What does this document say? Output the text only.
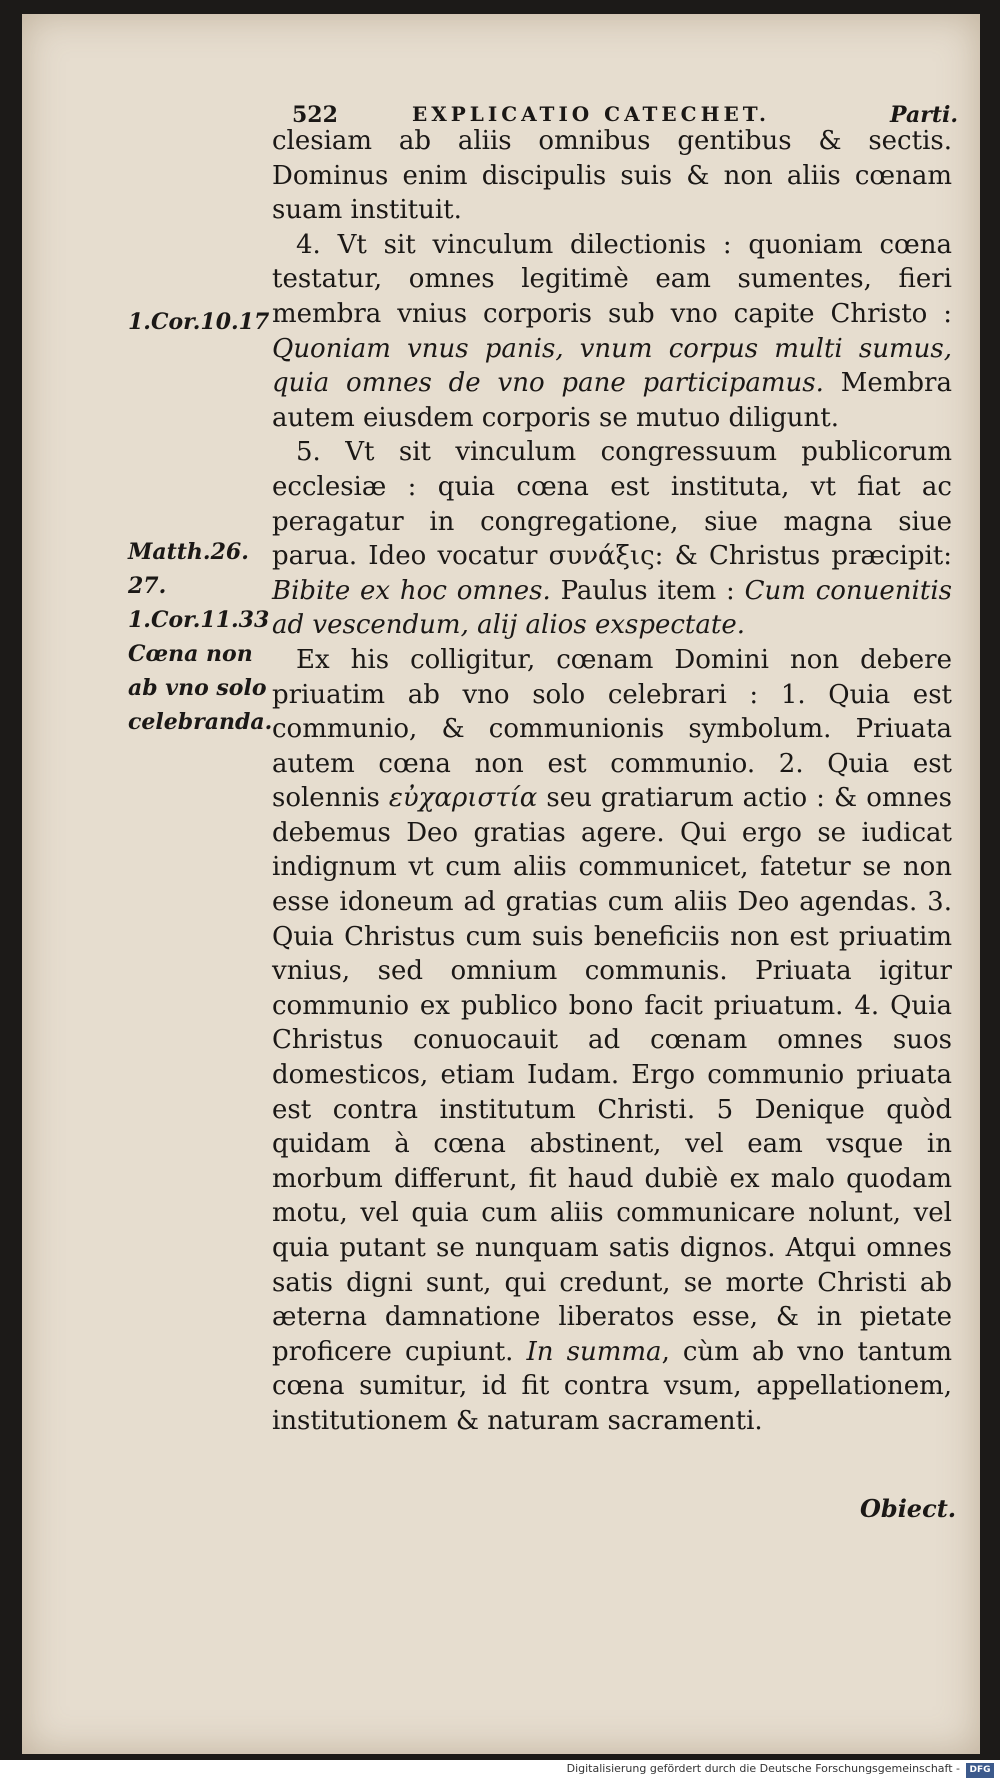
522	EXPLICATIO CATECHET.	Parti.

clesiam ab aliis omnibus gentibus & sectis. Dominus enim discipulis suis & non aliis cœnam suam instituit.

4. Vt sit vinculum dilectionis : quoniam cœna testatur, omnes legitimè eam sumentes, fieri membra vnius corporis sub vno capite Christo : Quoniam vnus panis, vnum corpus multi sumus, quia omnes de vno pane participamus. Membra autem eiusdem corporis se mutuo diligunt.

5. Vt sit vinculum congressuum publicorum ecclesiæ : quia cœna est instituta, vt fiat ac peragatur in congregatione, siue magna siue parua. Ideo vocatur συνάξις: & Christus præcipit: Bibite ex hoc omnes. Paulus item : Cum conuenitis ad vescendum, alij alios exspectate.

Ex his colligitur, cœnam Domini non debere priuatim ab vno solo celebrari : 1. Quia est communio, & communionis symbolum. Priuata autem cœna non est communio. 2. Quia est solennis εὐχαριστία seu gratiarum actio : & omnes debemus Deo gratias agere. Qui ergo se iudicat indignum vt cum aliis communicet, fatetur se non esse idoneum ad gratias cum aliis Deo agendas. 3. Quia Christus cum suis beneficiis non est priuatim vnius, sed omnium communis. Priuata igitur communio ex publico bono facit priuatum. 4. Quia Christus conuocauit ad cœnam omnes suos domesticos, etiam Iudam. Ergo communio priuata est contra institutum Christi. 5 Denique quòd quidam à cœna abstinent, vel eam vsque in morbum differunt, fit haud dubiè ex malo quodam motu, vel quia cum aliis communicare nolunt, vel quia putant se nunquam satis dignos. Atqui omnes satis digni sunt, qui credunt, se morte Christi ab æterna damnatione liberatos esse, & in pietate proficere cupiunt. In summa, cùm ab vno tantum cœna sumitur, id fit contra vsum, appellationem, institutionem & naturam sacramenti.

1.Cor.10.17
Matth.26. 27.
1.Cor.11.33
Cœna non ab vno solo celebranda.
Obiect.
Digitalisierung gefördert durch die Deutsche Forschungsgemeinschaft -	DFG
